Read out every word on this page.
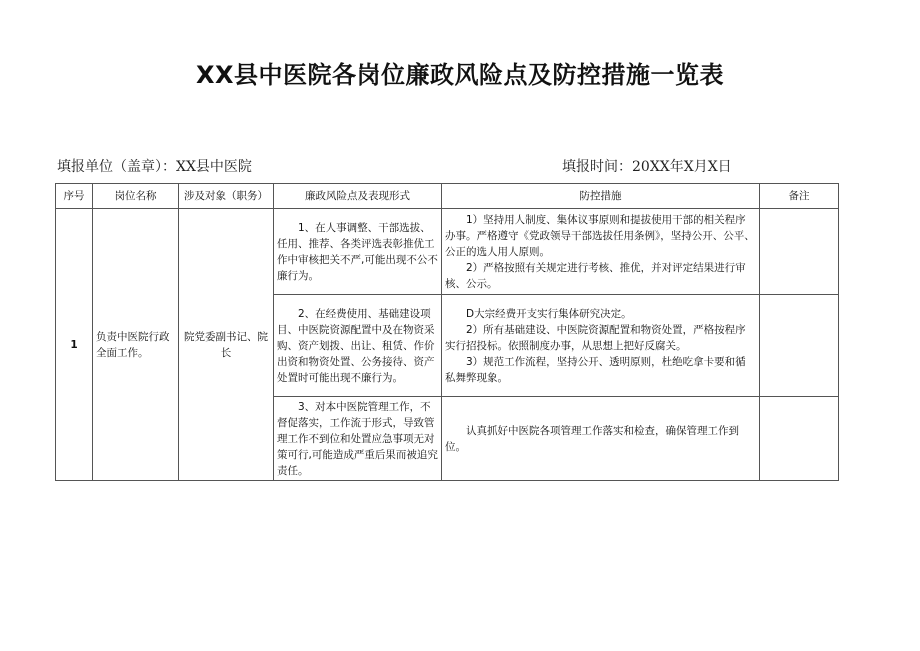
XX县中医院各岗位廉政风险点及防控措施一览表
填报单位（盖章）：XX县中医院	填报时间：20XX年X月X日
序号	岗位名称	涉及对象（职务）	廉政风险点及表现形式	防控措施	备注
1	负责中医院行政全面工作。	院党委副书记、院长	1、在人事调整、干部选拔、任用、推荐、各类评选表彰推优工作中审核把关不严,可能出现不公不廉行为。	1）坚持用人制度、集体议事原则和提拔使用干部的相关程序办事。严格遵守《党政领导干部选拔任用条例》，坚持公开、公平、公正的选人用人原则。

2）严格按照有关规定进行考核、推优，并对评定结果进行审核、公示。	

			2、在经费使用、基础建设项目、中医院资源配置中及在物资采购、资产划拨、出让、租赁、作价出资和物资处置、公务接待、资产处置时可能出现不廉行为。	D大宗经费开支实行集体研究决定。

2）所有基础建设、中医院资源配置和物资处置，严格按程序实行招投标。依照制度办事，从思想上把好反腐关。

3）规范工作流程，坚持公开、透明原则，杜绝吃拿卡要和循私舞弊现象。	

			3、对本中医院管理工作，不督促落实，工作流于形式，导致管理工作不到位和处置应急事项无对策可行,可能造成严重后果而被追究责任。	认真抓好中医院各项管理工作落实和检查，确保管理工作到位。	
